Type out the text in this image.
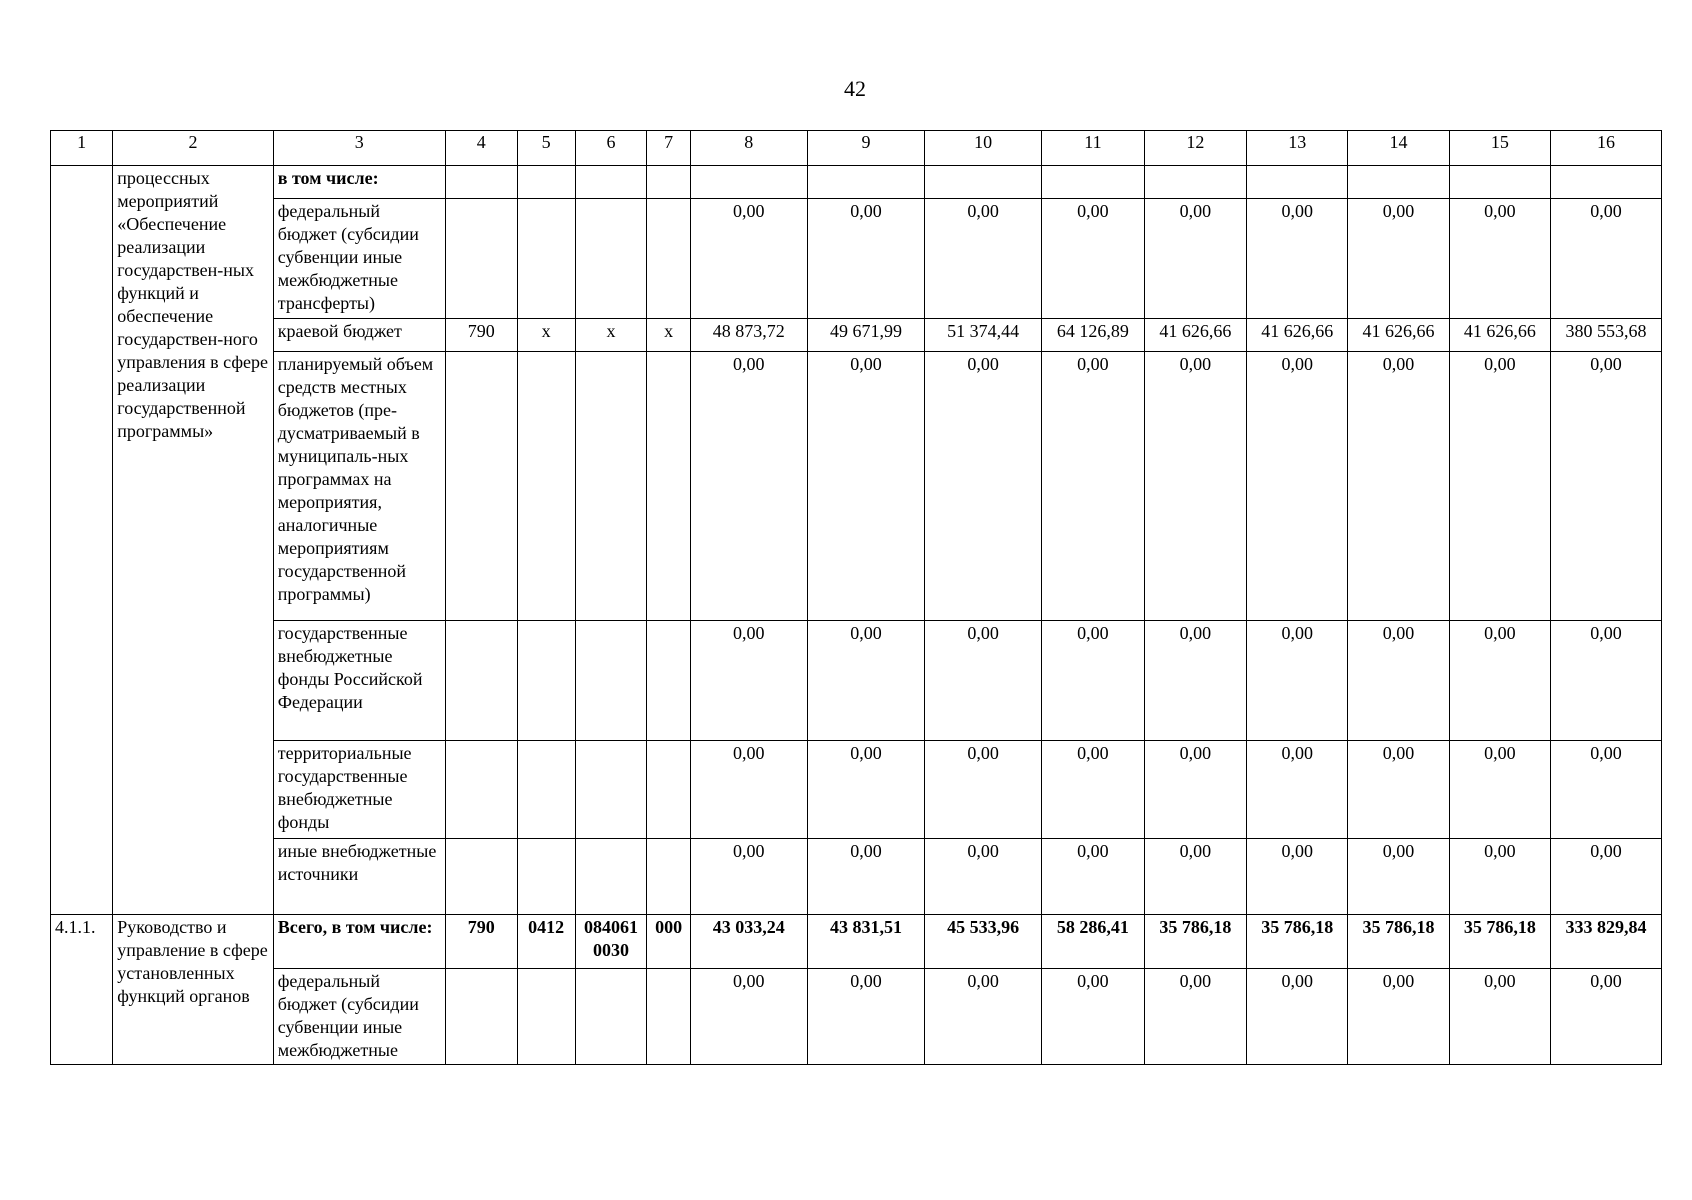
42
1	2	3	4	5	6	7	8	9	10	11	12	13	14	15	16
	процессных мероприятий «Обеспечение реализации государствен-ных функций и обеспечение государствен-ного управления в сфере реализации государственной программы»	в том числе:													
		федеральный бюджет (субсидии субвенции иные межбюджетные трансферты)					0,00	0,00	0,00	0,00	0,00	0,00	0,00	0,00	0,00
		краевой бюджет	790	x	x	x	48 873,72	49 671,99	51 374,44	64 126,89	41 626,66	41 626,66	41 626,66	41 626,66	380 553,68
		планируемый объем средств местных бюджетов (пре-дусматриваемый в муниципаль-ных программах на мероприятия, аналогичные мероприятиям государственной программы)					0,00	0,00	0,00	0,00	0,00	0,00	0,00	0,00	0,00
		государственные внебюджетные фонды Российской Федерации					0,00	0,00	0,00	0,00	0,00	0,00	0,00	0,00	0,00
		территориальные государственные внебюджетные фонды					0,00	0,00	0,00	0,00	0,00	0,00	0,00	0,00	0,00
		иные внебюджетные источники					0,00	0,00	0,00	0,00	0,00	0,00	0,00	0,00	0,00
4.1.1.	Руководство и управление в сфере установленных функций органов	Всего, в том числе:	790	0412	084061 0030	000	43 033,24	43 831,51	45 533,96	58 286,41	35 786,18	35 786,18	35 786,18	35 786,18	333 829,84
		федеральный бюджет (субсидии субвенции иные межбюджетные					0,00	0,00	0,00	0,00	0,00	0,00	0,00	0,00	0,00
